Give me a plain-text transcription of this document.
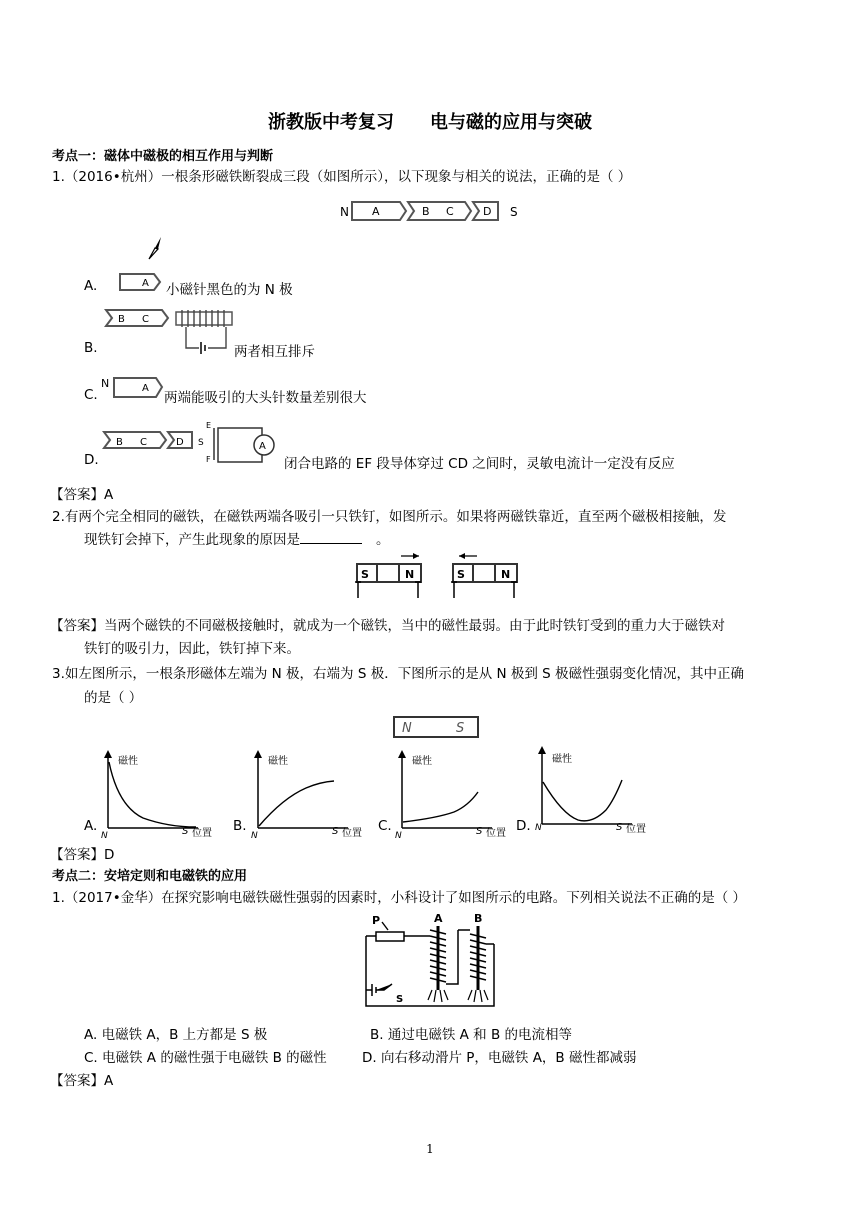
浙教版中考复习 电与磁的应用与突破
考点一：磁体中磁极的相互作用与判断
1.（2016•杭州）一根条形磁铁断裂成三段（如图所示），以下现象与相关的说法，正确的是（ ）
N A	B C	D S
A.	A 小磁针黑色的为 N 极
B C
B.	两者相互排斥
C.
N	A
两端能吸引的大头针数量差别很大
B C	D S
E
F
A
D.	闭合电路的 EF 段导体穿过 CD 之间时，灵敏电流计一定没有反应
【答案】A
2.有两个完全相同的磁铁，在磁铁两端各吸引一只铁钉，如图所示。如果将两磁铁靠近，直至两个磁极相接触，发
现铁钉会掉下，产生此现象的原因是	。
S	N	S	N
【答案】当两个磁铁的不同磁极接触时，就成为一个磁铁，当中的磁性最弱。由于此时铁钉受到的重力大于磁铁对
铁钉的吸引力，因此，铁钉掉下来。
3.如左图所示，一根条形磁体左端为 N 极，右端为 S 极．下图所示的是从 N 极到 S 极磁性强弱变化情况，其中正确
的是（ ）
N	S
A.
磁性
N	S 位置 B.
磁性
N	S 位置 C.
磁性
N	S 位置 D.
磁性
N	S 位置
【答案】D
考点二：安培定则和电磁铁的应用
1.（2017•金华）在探究影响电磁铁磁性强弱的因素时，小科设计了如图所示的电路。下列相关说法不正确的是（ ）
P
S
A	B
A. 电磁铁 A，B 上方都是 S 极	B. 通过电磁铁 A 和 B 的电流相等
C. 电磁铁 A 的磁性强于电磁铁 B 的磁性	D. 向右移动滑片 P，电磁铁 A，B 磁性都减弱
【答案】A
1
